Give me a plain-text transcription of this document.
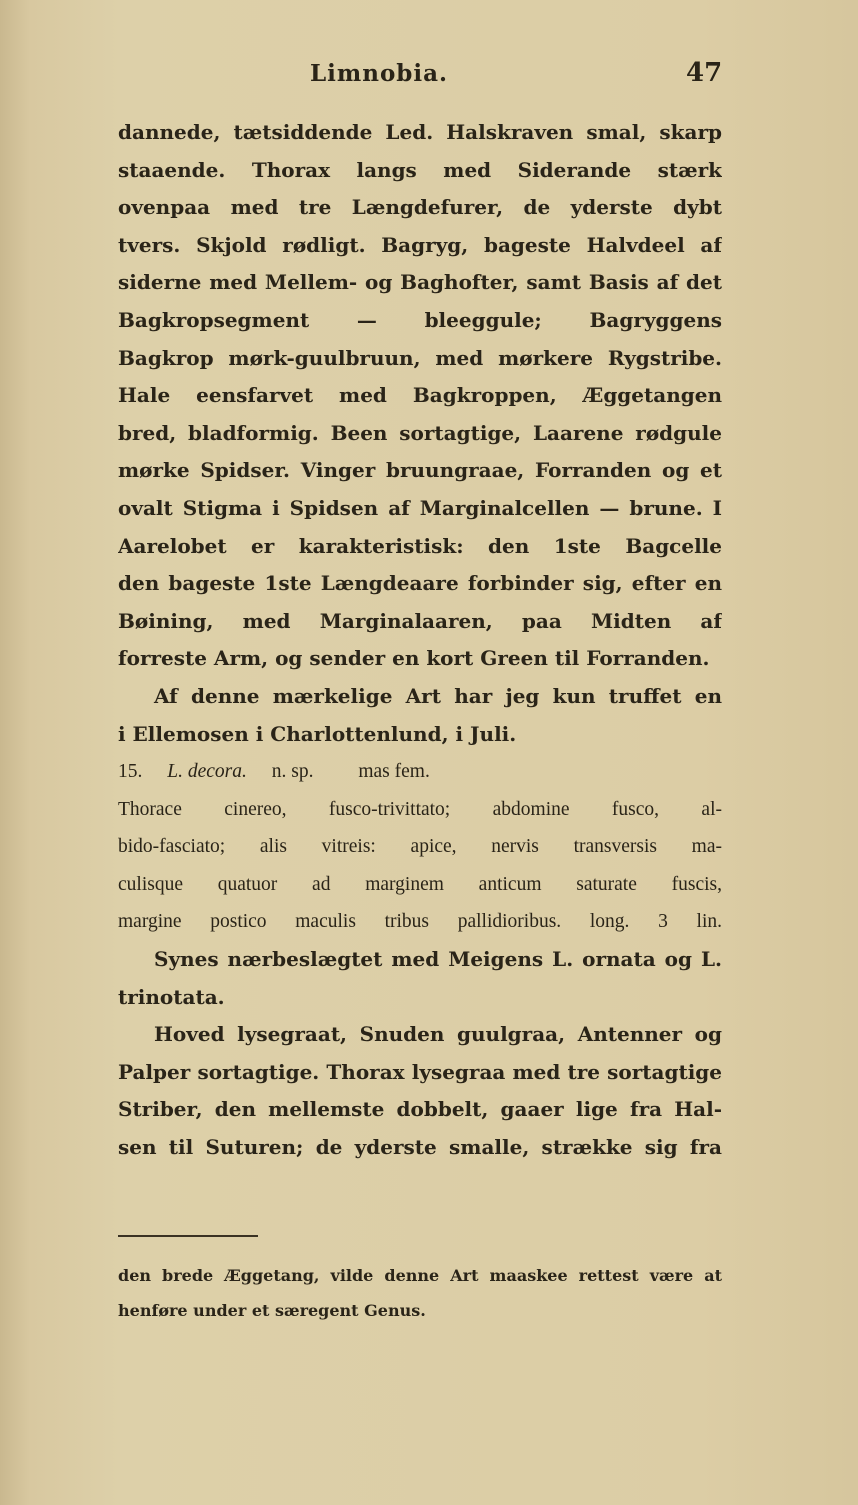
Limnobia.	47
dannede, tætsiddende Led. Halskraven smal, skarp
staaende. Thorax langs med Siderande stærk
ovenpaa med tre Længdefurer, de yderste dybt
tvers. Skjold rødligt. Bagryg, bageste Halvdeel af
siderne med Mellem- og Baghofter, samt Basis af det
Bagkropsegment — bleeggule; Bagryggens
Bagkrop mørk-guulbruun, med mørkere Rygstribe.
Hale eensfarvet med Bagkroppen, Æggetangen
bred, bladformig. Been sortagtige, Laarene rødgule
mørke Spidser. Vinger bruungraae, Forranden og et
ovalt Stigma i Spidsen af Marginalcellen — brune. I
Aarelobet er karakteristisk: den 1ste Bagcelle
den bageste 1ste Længdeaare forbinder sig, efter en
Bøining, med Marginalaaren, paa Midten af
forreste Arm, og sender en kort Green til Forranden.
Af denne mærkelige Art har jeg kun truffet en
i Ellemosen i Charlottenlund, i Juli.
15. L. decora. n. sp. mas fem.
Thorace cinereo, fusco-trivittato; abdomine fusco, al-
bido-fasciato; alis vitreis: apice, nervis transversis ma-
culisque quatuor ad marginem anticum saturate fuscis,
margine postico maculis tribus pallidioribus. long. 3 lin.
Synes nærbeslægtet med Meigens L. ornata og L.
trinotata.
Hoved lysegraat, Snuden guulgraa, Antenner og
Palper sortagtige. Thorax lysegraa med tre sortagtige
Striber, den mellemste dobbelt, gaaer lige fra Hal-
sen til Suturen; de yderste smalle, strække sig fra
den brede Æggetang, vilde denne Art maaskee rettest være at
henføre under et særegent Genus.
